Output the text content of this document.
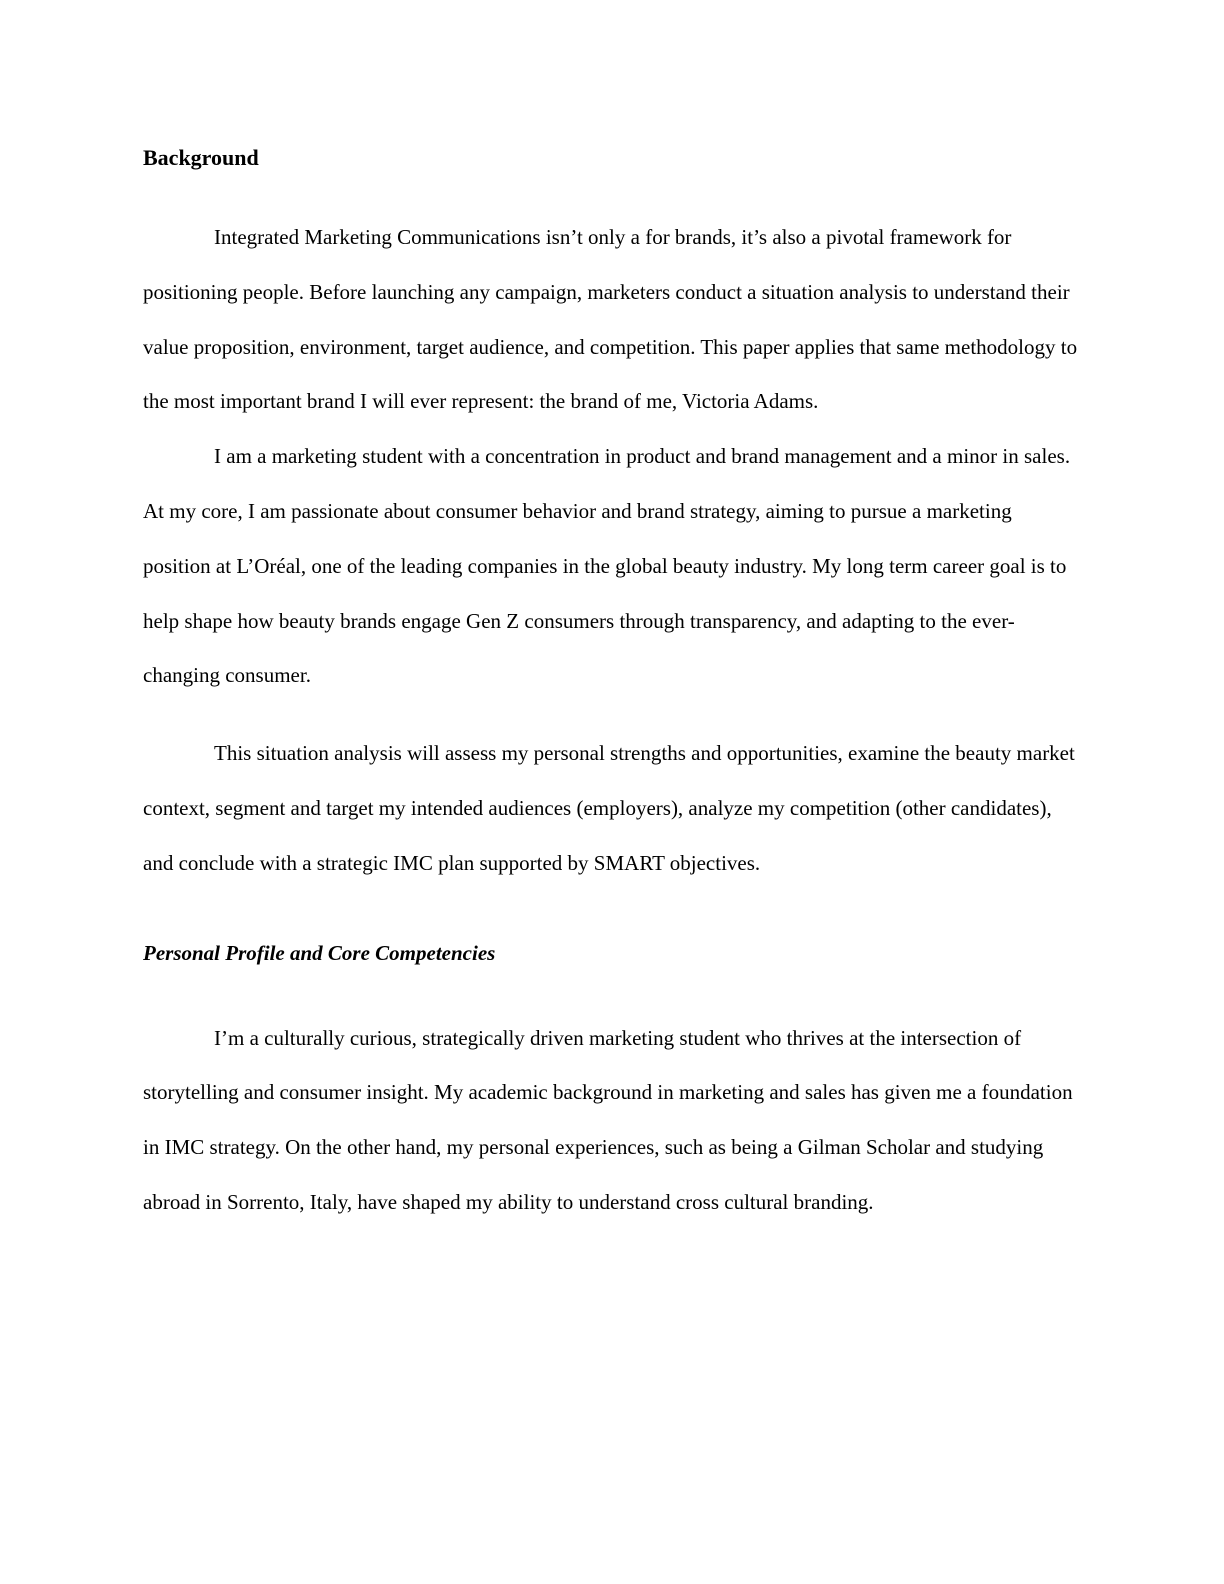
Background

Integrated Marketing Communications isn’t only a for brands, it’s also a pivotal framework for positioning people. Before launching any campaign, marketers conduct a situation analysis to understand their value proposition, environment, target audience, and competition. This paper applies that same methodology to the most important brand I will ever represent: the brand of me, Victoria Adams.

I am a marketing student with a concentration in product and brand management and a minor in sales. At my core, I am passionate about consumer behavior and brand strategy, aiming to pursue a marketing position at L’Oréal, one of the leading companies in the global beauty industry. My long term career goal is to help shape how beauty brands engage Gen Z consumers through transparency, and adapting to the ever-changing consumer.

This situation analysis will assess my personal strengths and opportunities, examine the beauty market context, segment and target my intended audiences (employers), analyze my competition (other candidates), and conclude with a strategic IMC plan supported by SMART objectives.

Personal Profile and Core Competencies

I’m a culturally curious, strategically driven marketing student who thrives at the intersection of storytelling and consumer insight. My academic background in marketing and sales has given me a foundation in IMC strategy. On the other hand, my personal experiences, such as being a Gilman Scholar and studying abroad in Sorrento, Italy, have shaped my ability to understand cross cultural branding.
